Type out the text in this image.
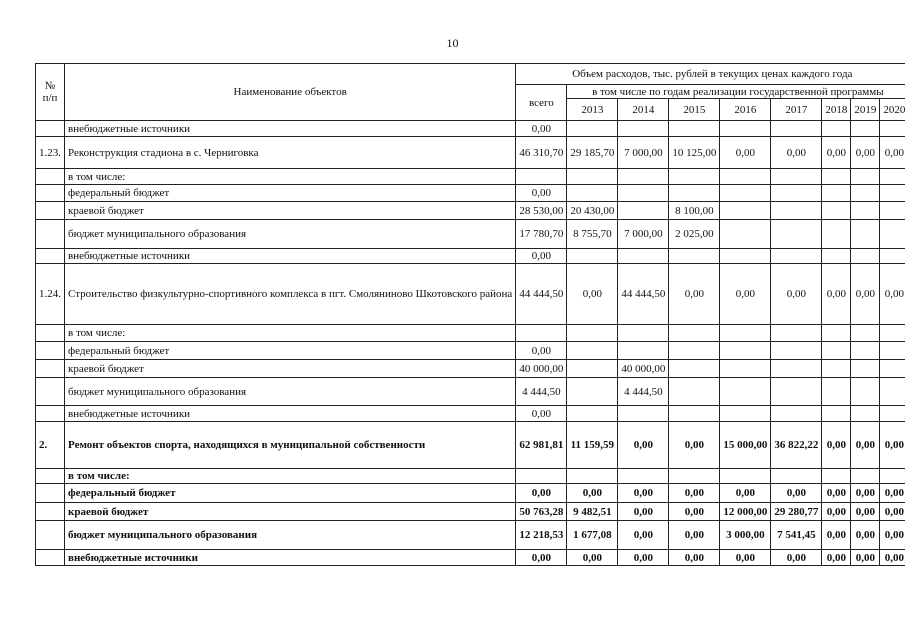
10
№
п/п	Наименование объектов	Объем расходов, тыс. рублей в текущих ценах каждого года								
		всего	в том числе по годам реализации государственной программы							
			2013	2014	2015	2016	2017	2018	2019	2020
	внебюджетные источники	0,00								
1.23.	Реконструкция стадиона в с. Черниговка	46 310,70	29 185,70	7 000,00	10 125,00	0,00	0,00	0,00	0,00	0,00
	в том числе:									
	федеральный бюджет	0,00								
	краевой бюджет	28 530,00	20 430,00		8 100,00					
	бюджет муниципального образования	17 780,70	8 755,70	7 000,00	2 025,00					
	внебюджетные источники	0,00								
1.24.	Строительство физкультурно-спортивного комплекса в пгт. Смоляниново Шкотовского района	44 444,50	0,00	44 444,50	0,00	0,00	0,00	0,00	0,00	0,00
	в том числе:									
	федеральный бюджет	0,00								
	краевой бюджет	40 000,00		40 000,00						
	бюджет муниципального образования	4 444,50		4 444,50						
	внебюджетные источники	0,00								
2.	Ремонт объектов спорта, находящихся в муниципальной собственности	62 981,81	11 159,59	0,00	0,00	15 000,00	36 822,22	0,00	0,00	0,00
	в том числе:									
	федеральный бюджет	0,00	0,00	0,00	0,00	0,00	0,00	0,00	0,00	0,00
	краевой бюджет	50 763,28	9 482,51	0,00	0,00	12 000,00	29 280,77	0,00	0,00	0,00
	бюджет муниципального образования	12 218,53	1 677,08	0,00	0,00	3 000,00	7 541,45	0,00	0,00	0,00
	внебюджетные источники	0,00	0,00	0,00	0,00	0,00	0,00	0,00	0,00	0,00
